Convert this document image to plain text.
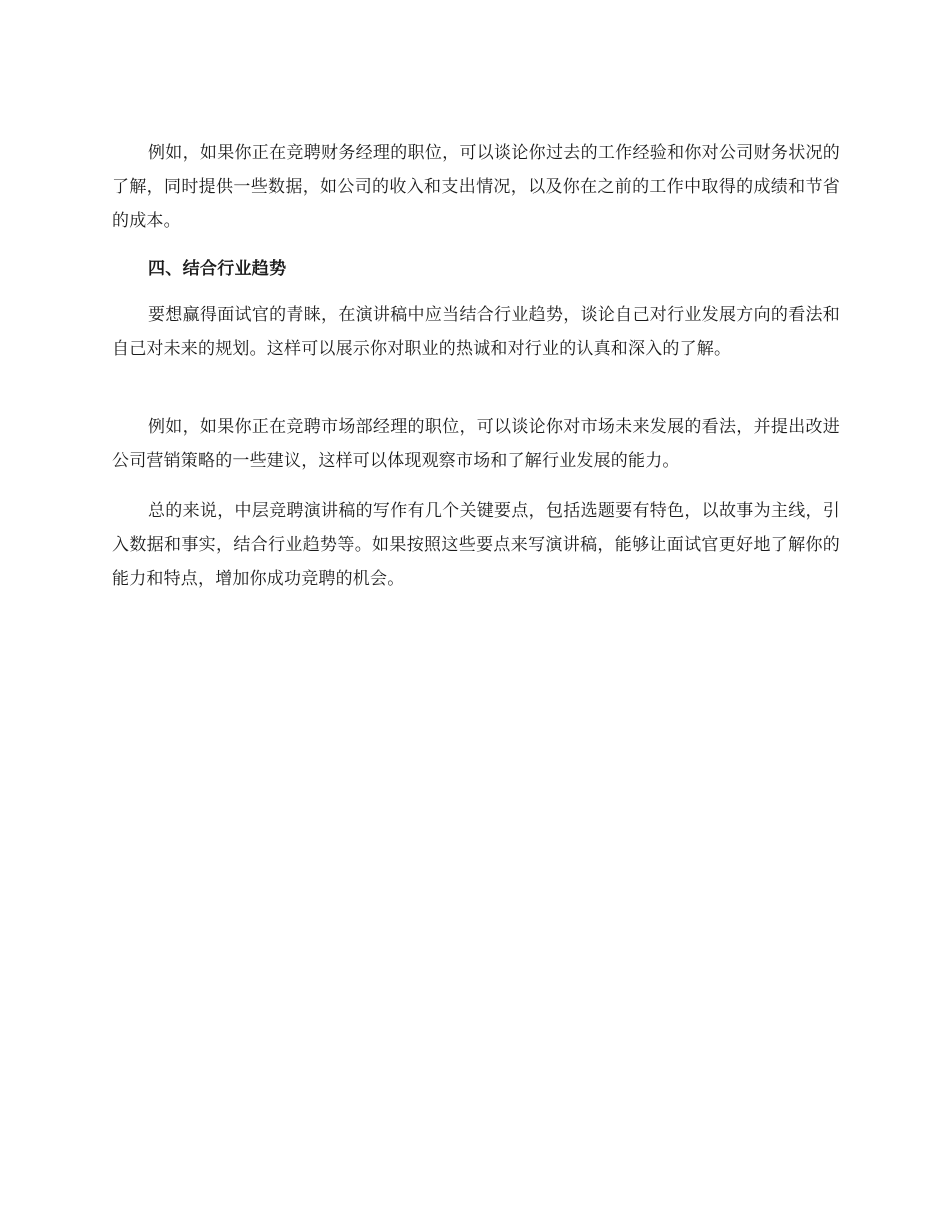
例如，如果你正在竞聘财务经理的职位，可以谈论你过去的工作经验和你对公司财务状况的了解，同时提供一些数据，如公司的收入和支出情况，以及你在之前的工作中取得的成绩和节省的成本。

四、结合行业趋势

要想赢得面试官的青睐，在演讲稿中应当结合行业趋势，谈论自己对行业发展方向的看法和自己对未来的规划。这样可以展示你对职业的热诚和对行业的认真和深入的了解。

例如，如果你正在竞聘市场部经理的职位，可以谈论你对市场未来发展的看法，并提出改进公司营销策略的一些建议，这样可以体现观察市场和了解行业发展的能力。

总的来说，中层竞聘演讲稿的写作有几个关键要点，包括选题要有特色，以故事为主线，引入数据和事实，结合行业趋势等。如果按照这些要点来写演讲稿，能够让面试官更好地了解你的能力和特点，增加你成功竞聘的机会。
